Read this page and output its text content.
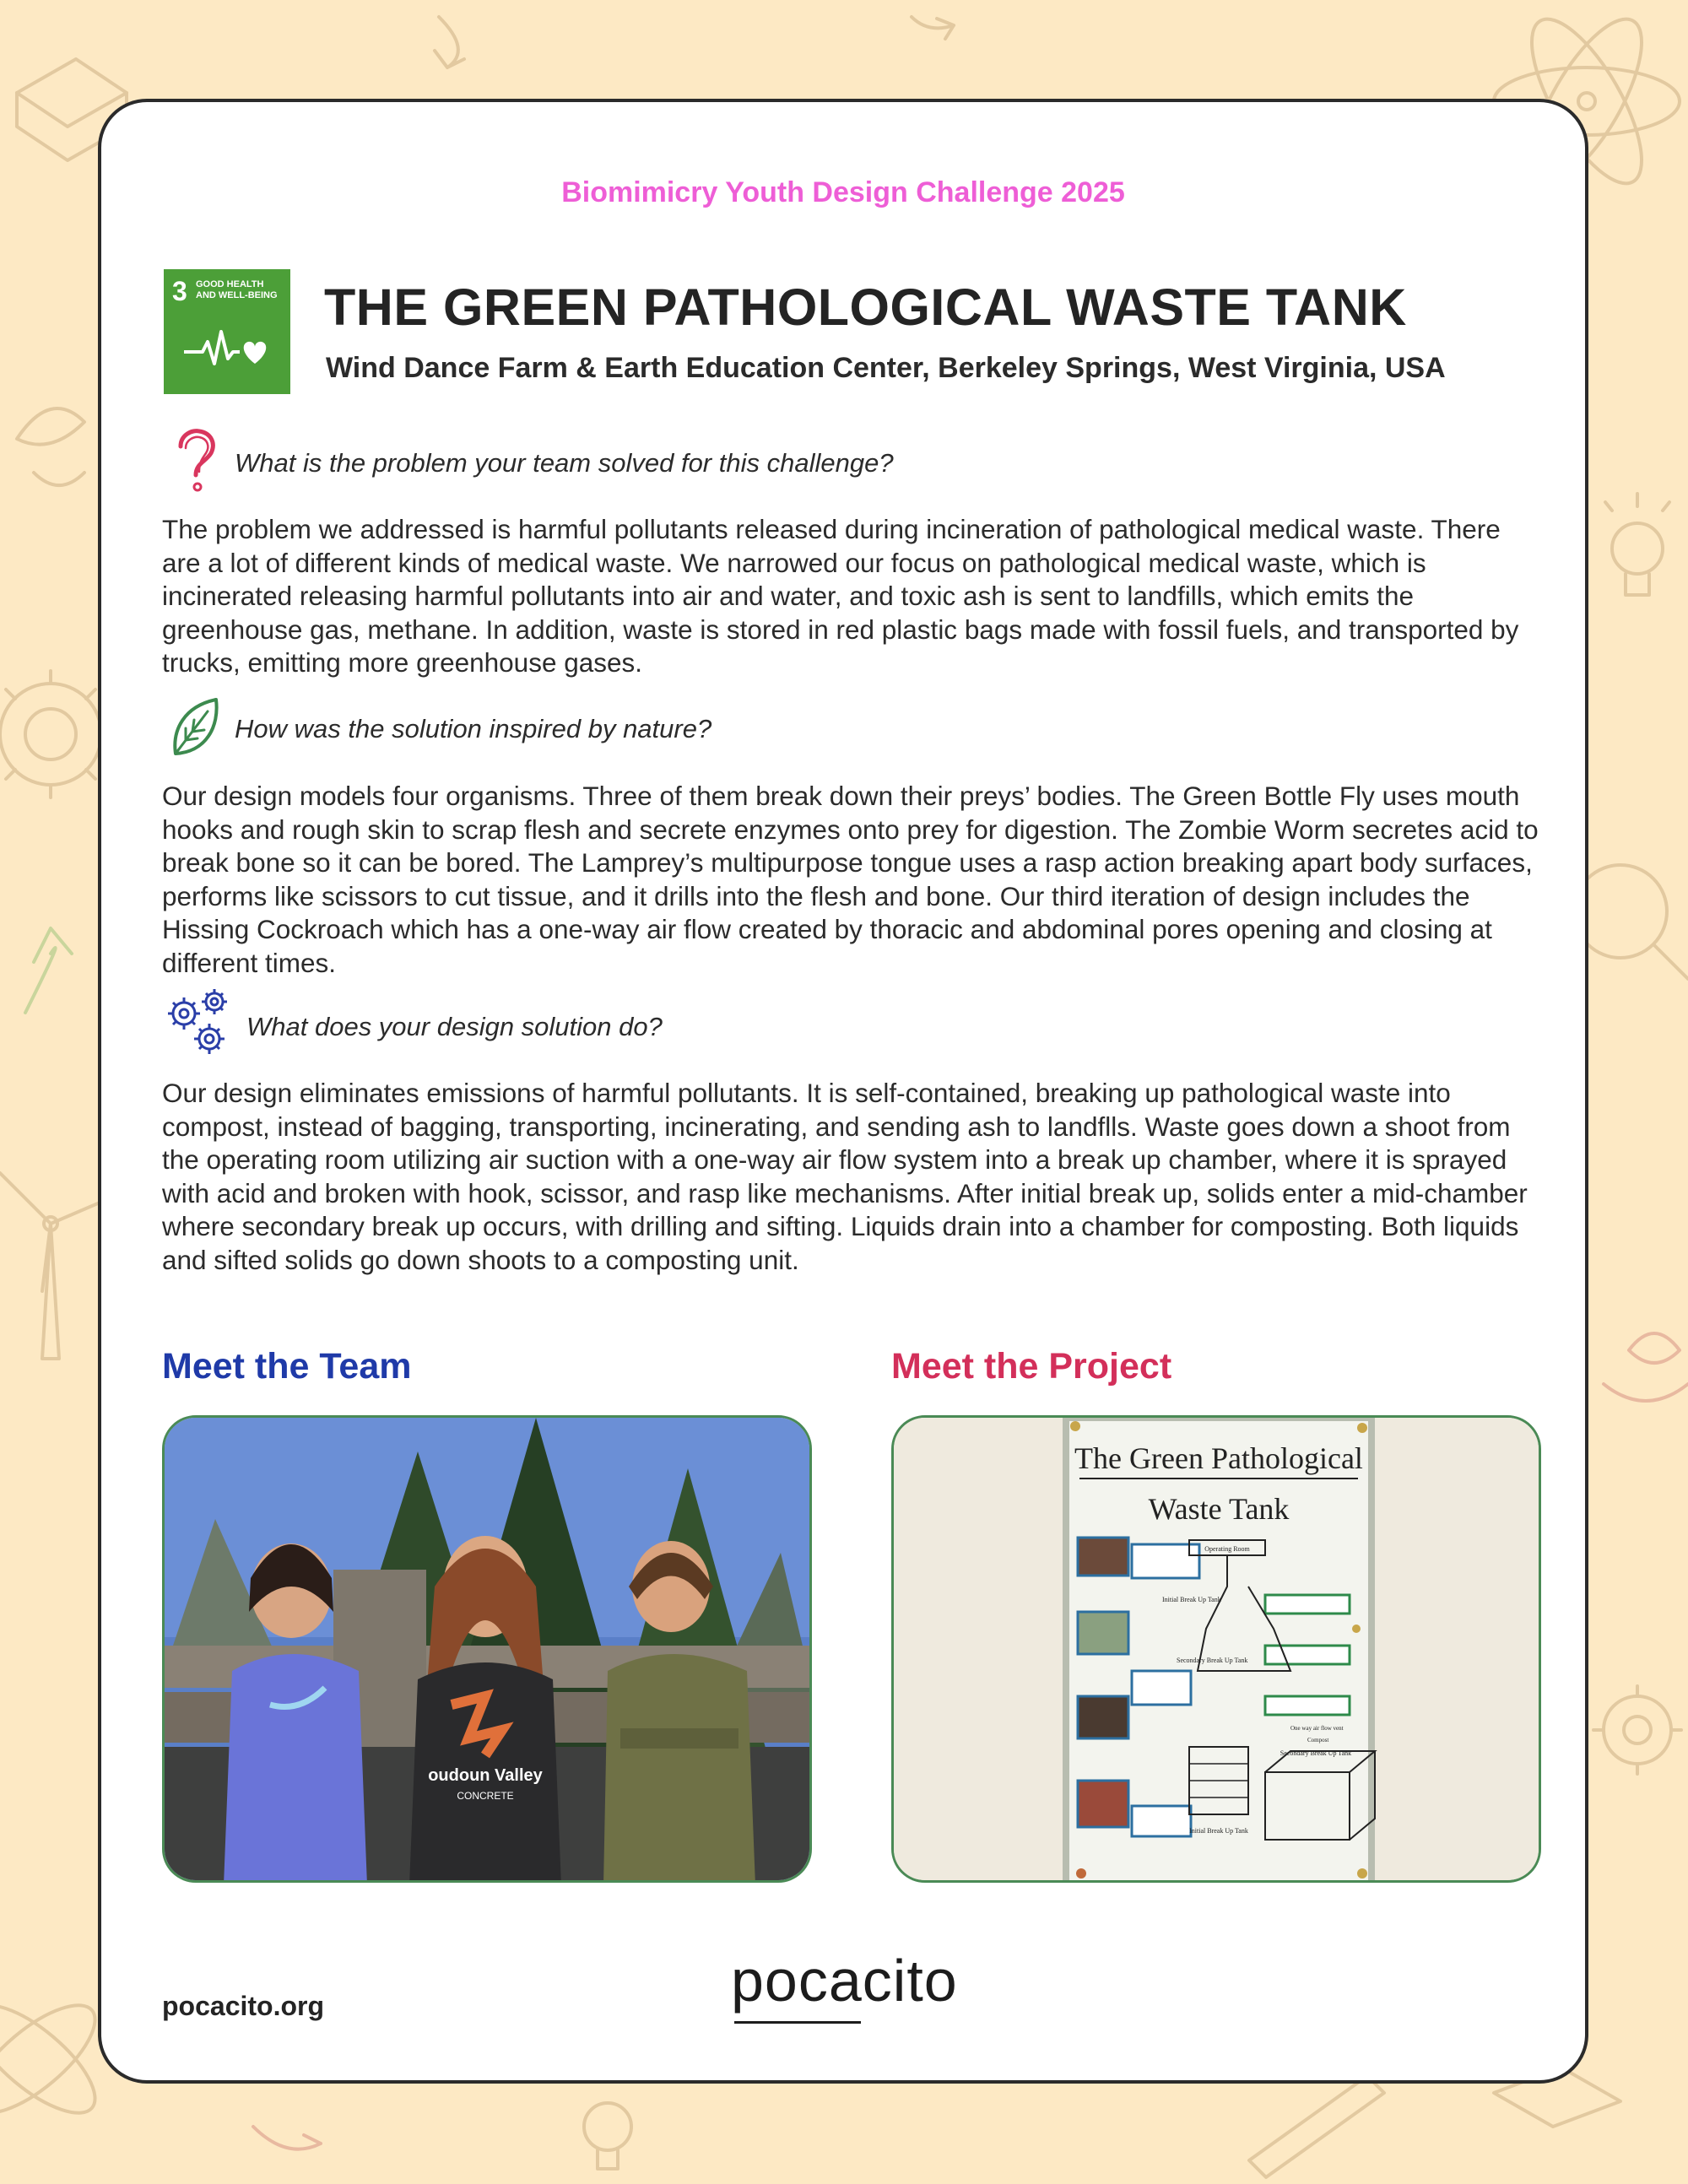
Biomimicry Youth Design Challenge 2025
3 GOOD HEALTH
AND WELL-BEING THE GREEN PATHOLOGICAL WASTE TANK
Wind Dance Farm & Earth Education Center, Berkeley Springs, West Virginia, USA
What is the problem your team solved for this challenge?

The problem we addressed is harmful pollutants released during incineration of pathological medical waste. There are a lot of different kinds of medical waste. We narrowed our focus on pathological medical waste, which is incinerated releasing harmful pollutants into air and water, and toxic ash is sent to landfills, which emits the greenhouse gas, methane. In addition, waste is stored in red plastic bags made with fossil fuels, and transported by trucks, emitting more greenhouse gases.

How was the solution inspired by nature?

Our design models four organisms. Three of them break down their preys’ bodies. The Green Bottle Fly uses mouth hooks and rough skin to scrap flesh and secrete enzymes onto prey for digestion. The Zombie Worm secretes acid to break bone so it can be bored. The Lamprey’s multipurpose tongue uses a rasp action breaking apart body surfaces, performs like scissors to cut tissue, and it drills into the flesh and bone. Our third iteration of design includes the Hissing Cockroach which has a one-way air flow created by thoracic and abdominal pores opening and closing at different times.

What does your design solution do?

Our design eliminates emissions of harmful pollutants. It is self-contained, breaking up pathological waste into compost, instead of bagging, transporting, incinerating, and sending ash to landflls. Waste goes down a shoot from the operating room utilizing air suction with a one-way air flow system into a break up chamber, where it is sprayed with acid and broken with hook, scissor, and rasp like mechanisms. After initial break up, solids enter a mid-chamber where secondary break up occurs, with drilling and sifting. Liquids drain into a chamber for composting. Both liquids and sifted solids go down shoots to a composting unit.

Meet the Team	Meet the Project
oudoun Valley
CONCRETE
The Green Pathological
Waste Tank
Operating Room
Initial Break Up Tank
Secondary Break Up Tank
One way air flow vent
Compost
Initial Break Up Tank
Secondary Break Up Tank
pocacito.org	pocacito
